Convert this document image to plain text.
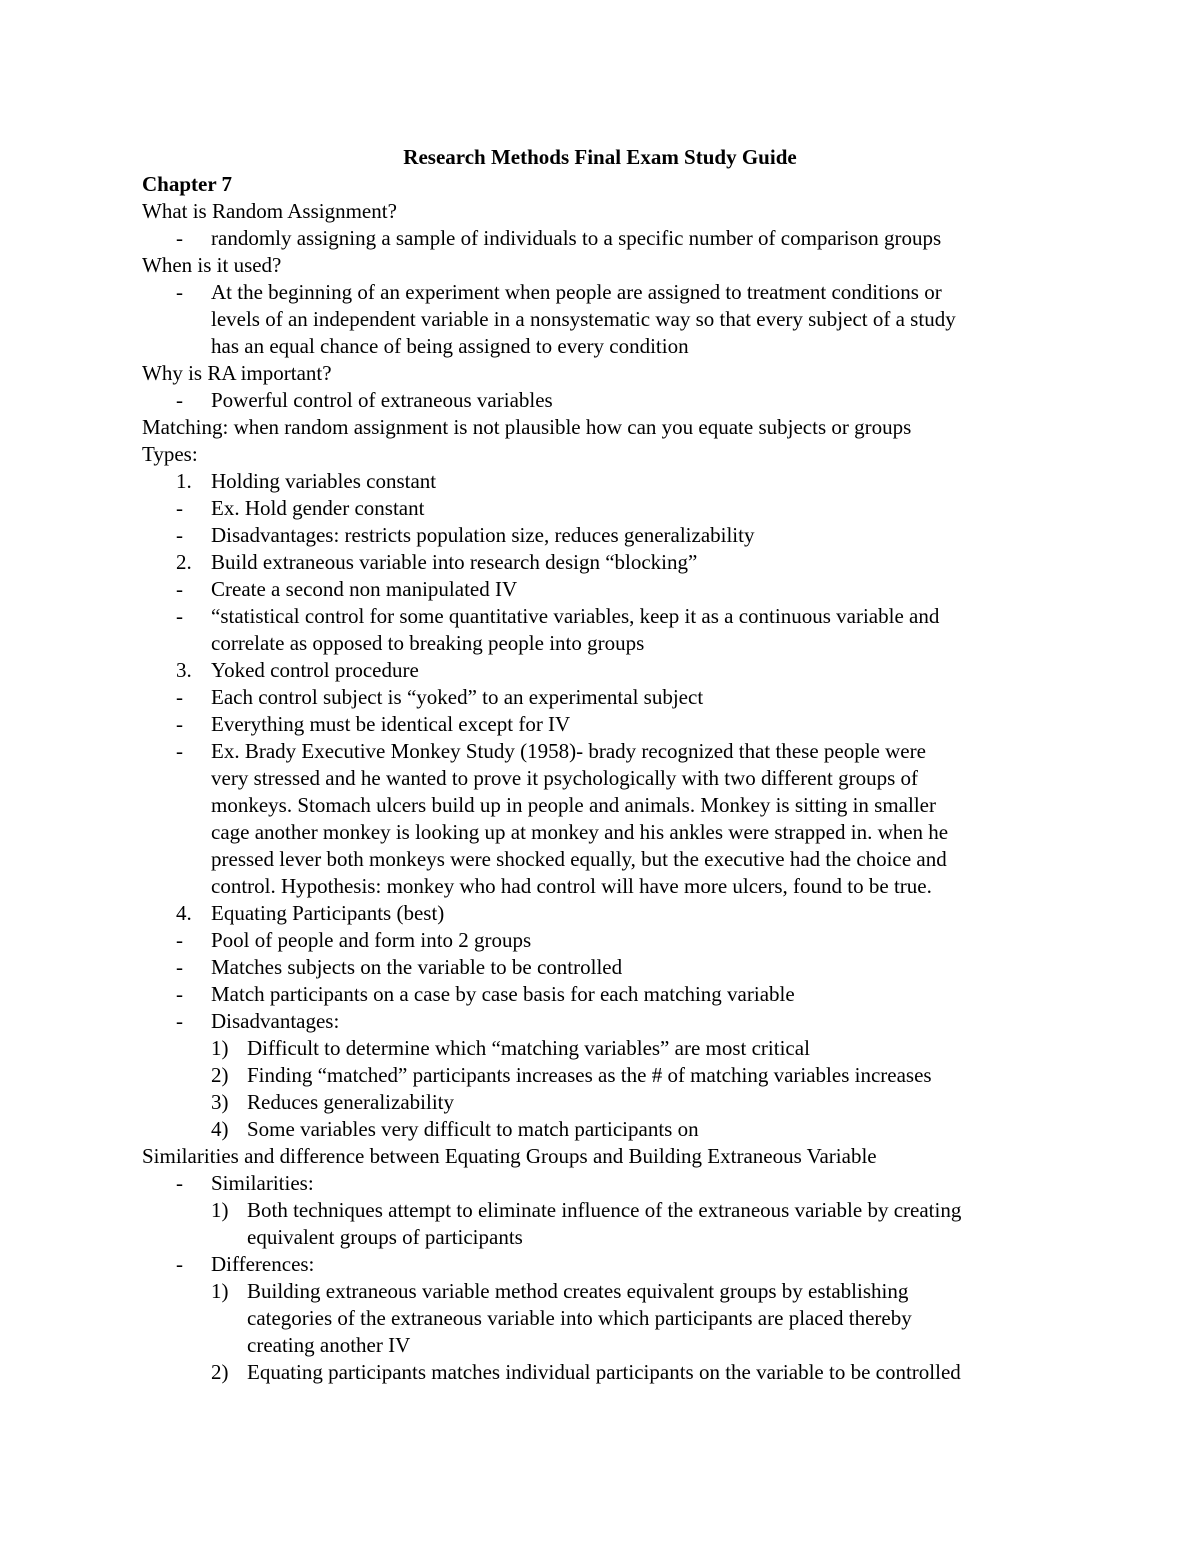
Research Methods Final Exam Study Guide
Chapter 7
What is Random Assignment?
- randomly assigning a sample of individuals to a specific number of comparison groups
When is it used?
- At the beginning of an experiment when people are assigned to treatment conditions or
levels of an independent variable in a nonsystematic way so that every subject of a study
has an equal chance of being assigned to every condition
Why is RA important?
- Powerful control of extraneous variables
Matching: when random assignment is not plausible how can you equate subjects or groups
Types:
1. Holding variables constant
- Ex. Hold gender constant
- Disadvantages: restricts population size, reduces generalizability
2. Build extraneous variable into research design “blocking”
- Create a second non manipulated IV
- “statistical control for some quantitative variables, keep it as a continuous variable and
correlate as opposed to breaking people into groups
3. Yoked control procedure
- Each control subject is “yoked” to an experimental subject
- Everything must be identical except for IV
- Ex. Brady Executive Monkey Study (1958)- brady recognized that these people were
very stressed and he wanted to prove it psychologically with two different groups of
monkeys. Stomach ulcers build up in people and animals. Monkey is sitting in smaller
cage another monkey is looking up at monkey and his ankles were strapped in. when he
pressed lever both monkeys were shocked equally, but the executive had the choice and
control. Hypothesis: monkey who had control will have more ulcers, found to be true.
4. Equating Participants (best)
- Pool of people and form into 2 groups
- Matches subjects on the variable to be controlled
- Match participants on a case by case basis for each matching variable
- Disadvantages:
1) Difficult to determine which “matching variables” are most critical
2) Finding “matched” participants increases as the # of matching variables increases
3) Reduces generalizability
4) Some variables very difficult to match participants on
Similarities and difference between Equating Groups and Building Extraneous Variable
- Similarities:
1) Both techniques attempt to eliminate influence of the extraneous variable by creating
equivalent groups of participants
- Differences:
1) Building extraneous variable method creates equivalent groups by establishing
categories of the extraneous variable into which participants are placed thereby
creating another IV
2) Equating participants matches individual participants on the variable to be controlled
